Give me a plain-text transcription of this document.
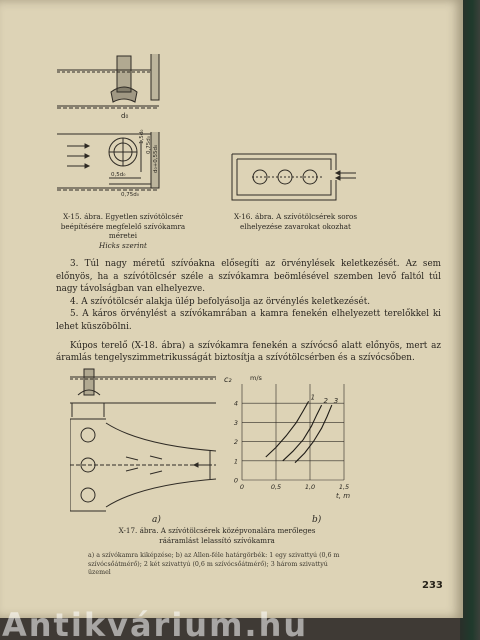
d₀
1,5d₀ 0,75d₀ d₀+0,55d₀
0,5d₀
0,75d₀
X-15. ábra. Egyetlen szívótölcsér
beépítésére megfelelő szívókamra méretei
Hicks szerint
X-16. ábra. A szívótölcsérek soros
elhelyezése zavarokat okozhat

3. Túl nagy méretű szívóakna elősegíti az örvénylések keletkezését. Az sem előnyös, ha a szívótölcsér széle a szívókamra beömlésével szemben levő faltól túl nagy távolságban van elhelyezve.

4. A szívótölcsér alakja ülép befolyásolja az örvénylés keletkezését.

5. A káros örvénylést a szívókamrában a kamra fenekén elhelyezett terelőkkel ki lehet küszöbölni.

Kúpos terelő (X-18. ábra) a szívókamra fenekén a szívócső alatt előnyös, mert az áramlás tengelyszimmetrikusságát biztosítja a szívótölcsérben és a szívócsőben.

a)
c₂	m/s
t, m
0	0,5	1,0	1,5
0
1
2
3
4
1 2 3
b)
X-17. ábra. A szívótölcsérek középvonalára merőleges
rááramlást lelassító szívókamra
a) a szívókamra kiképzése; b) az Allen-féle határgörbék: 1 egy szivattyú (0,6 m szívócsőátmérő); 2 két szivattyú (0,6 m szívócsőátmérő); 3 három szivattyú üzemel
233
Antikvárium.hu
